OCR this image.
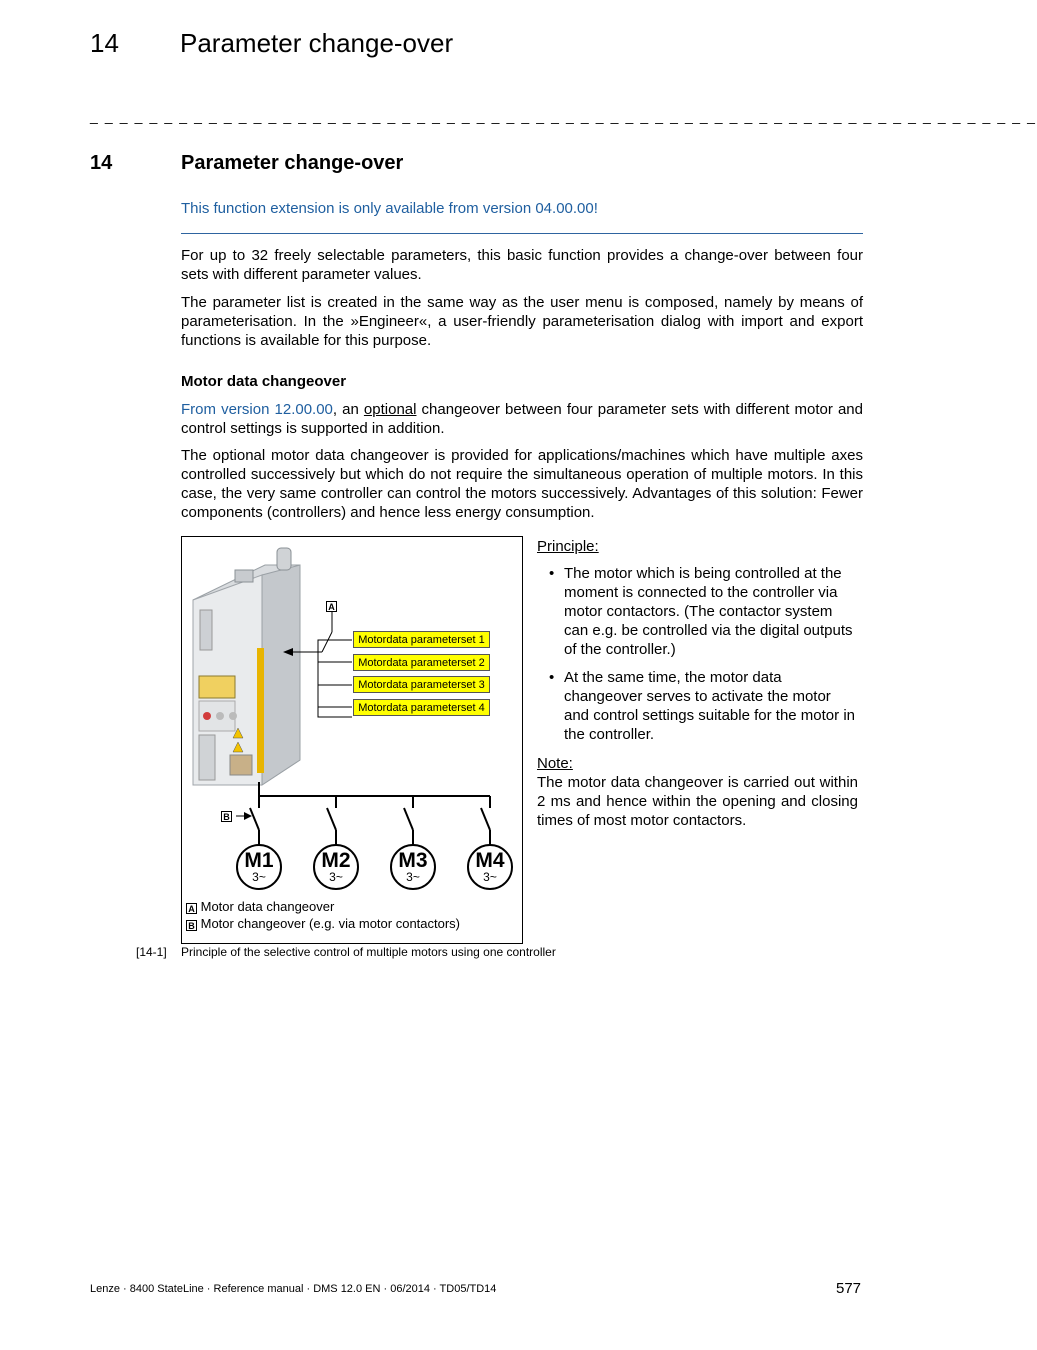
14 Parameter change-over
_ _ _ _ _ _ _ _ _ _ _ _ _ _ _ _ _ _ _ _ _ _ _ _ _ _ _ _ _ _ _ _ _ _ _ _ _ _ _ _ _ _ _ _ _ _ _ _ _ _ _ _ _ _ _ _ _ _ _ _ _ _ _ _
14	Parameter change-over
This function extension is only available from version 04.00.00!
For up to 32 freely selectable parameters, this basic function provides a change-over between four sets with different parameter values.
The parameter list is created in the same way as the user menu is composed, namely by means of parameterisation. In the »Engineer«, a user-friendly parameterisation dialog with import and export functions is available for this purpose.
Motor data changeover
From version 12.00.00, an optional changeover between four parameter sets with different motor and control settings is supported in addition.
The optional motor data changeover is provided for applications/machines which have multiple axes controlled successively but which do not require the simultaneous operation of multiple motors. In this case, the very same controller can control the motors successively. Advantages of this solution: Fewer components (controllers) and hence less energy consumption.
A
B
Motordata parameterset 1
Motordata parameterset 2
Motordata parameterset 3
Motordata parameterset 4
M1
3~
M2
3~
M3
3~
M4
3~
A Motor data changeover
B Motor changeover (e.g. via motor contactors)
Principle:
• The motor which is being controlled at the moment is connected to the controller via motor contactors. (The contactor system can e.g. be controlled via the digital outputs of the controller.)
• At the same time, the motor data changeover serves to activate the motor and control settings suitable for the motor in the controller.
Note:
The motor data changeover is carried out within 2 ms and hence within the opening and closing times of most motor contactors.
[14-1] Principle of the selective control of multiple motors using one controller
Lenze · 8400 StateLine · Reference manual · DMS 12.0 EN · 06/2014 · TD05/TD14	577
